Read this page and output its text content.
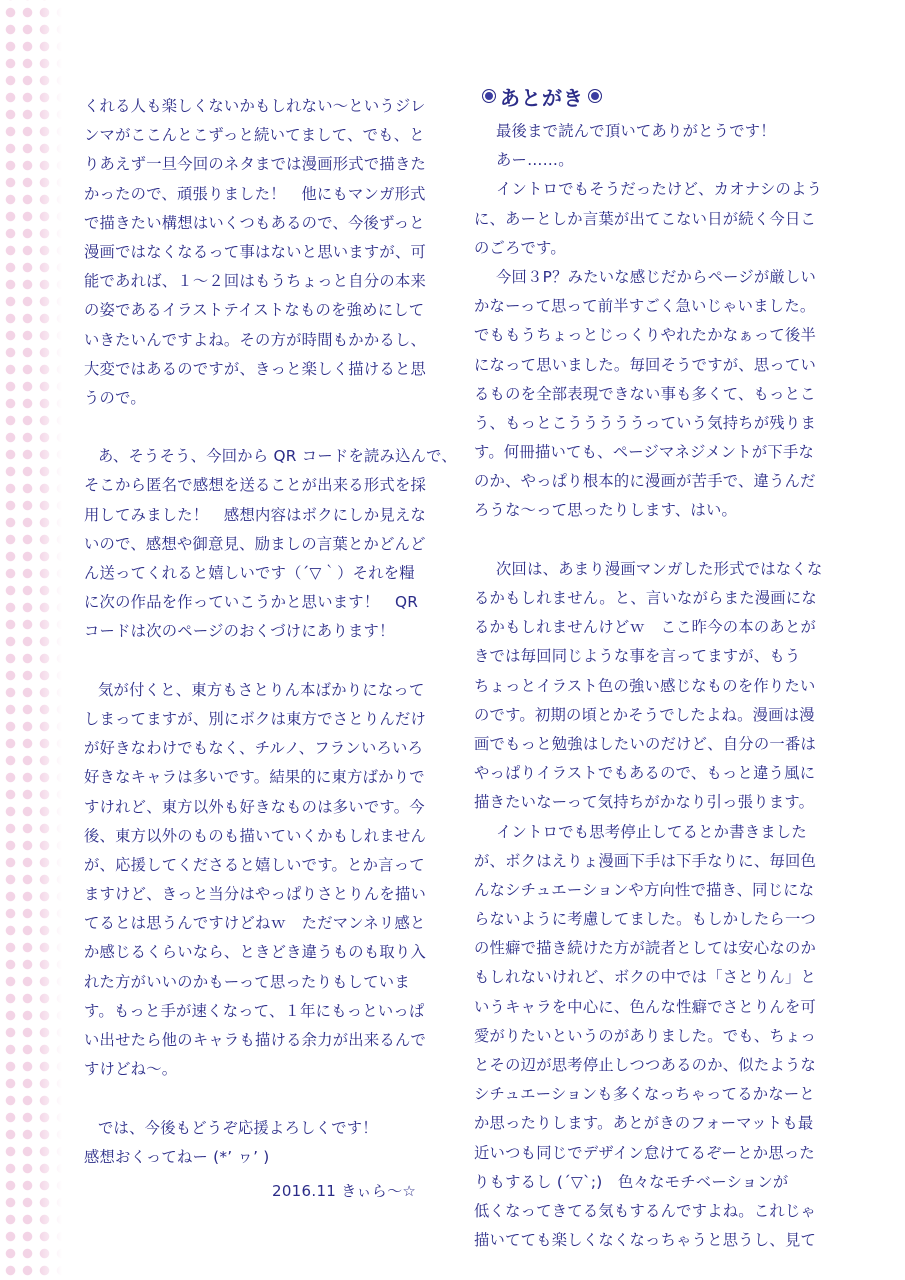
あとがき
くれる人も楽しくないかもしれない〜というジレ
ンマがここんとこずっと続いてまして、でも、と
りあえず一旦今回のネタまでは漫画形式で描きた
かったので、頑張りました！　他にもマンガ形式
で描きたい構想はいくつもあるので、今後ずっと
漫画ではなくなるって事はないと思いますが、可
能であれば、１〜２回はもうちょっと自分の本来
の姿であるイラストテイストなものを強めにして
いきたいんですよね。その方が時間もかかるし、
大変ではあるのですが、きっと楽しく描けると思
うので。
あ、そうそう、今回から QR コードを読み込んで、
そこから匿名で感想を送ることが出来る形式を採
用してみました！　感想内容はボクにしか見えな
いので、感想や御意見、励ましの言葉とかどんど
ん送ってくれると嬉しいです（´▽｀）それを糧
に次の作品を作っていこうかと思います！　QR
コードは次のページのおくづけにあります！
気が付くと、東方もさとりん本ばかりになって
しまってますが、別にボクは東方でさとりんだけ
が好きなわけでもなく、チルノ、フランいろいろ
好きなキャラは多いです。結果的に東方ばかりで
すけれど、東方以外も好きなものは多いです。今
後、東方以外のものも描いていくかもしれません
が、応援してくださると嬉しいです。とか言って
ますけど、きっと当分はやっぱりさとりんを描い
てるとは思うんですけどねｗ　ただマンネリ感と
か感じるくらいなら、ときどき違うものも取り入
れた方がいいのかもーって思ったりもしていま
す。もっと手が速くなって、１年にもっといっぱ
い出せたら他のキャラも描ける余力が出来るんで
すけどね〜。
では、今後もどうぞ応援よろしくです！
感想おくってねー (*’ ヮ’ )
最後まで読んで頂いてありがとうです！
あー……。
イントロでもそうだったけど、カオナシのよう
に、あーとしか言葉が出てこない日が続く今日こ
のごろです。
今回３P？みたいな感じだからページが厳しい
かなーって思って前半すごく急いじゃいました。
でももうちょっとじっくりやれたかなぁって後半
になって思いました。毎回そうですが、思ってい
るものを全部表現できない事も多くて、もっとこ
う、もっとこうううううっていう気持ちが残りま
す。何冊描いても、ページマネジメントが下手な
のか、やっぱり根本的に漫画が苦手で、違うんだ
ろうな〜って思ったりします、はい。
次回は、あまり漫画マンガした形式ではなくな
るかもしれません。と、言いながらまた漫画にな
るかもしれませんけどｗ　ここ昨今の本のあとが
きでは毎回同じような事を言ってますが、もう
ちょっとイラスト色の強い感じなものを作りたい
のです。初期の頃とかそうでしたよね。漫画は漫
画でもっと勉強はしたいのだけど、自分の一番は
やっぱりイラストでもあるので、もっと違う風に
描きたいなーって気持ちがかなり引っ張ります。
イントロでも思考停止してるとか書きました
が、ボクはえりょ漫画下手は下手なりに、毎回色
んなシチュエーションや方向性で描き、同じにな
らないように考慮してました。もしかしたら一つ
の性癖で描き続けた方が読者としては安心なのか
もしれないけれど、ボクの中では「さとりん」と
いうキャラを中心に、色んな性癖でさとりんを可
愛がりたいというのがありました。でも、ちょっ
とその辺が思考停止しつつあるのか、似たような
シチュエーションも多くなっちゃってるかなーと
か思ったりします。あとがきのフォーマットも最
近いつも同じでデザイン怠けてるぞーとか思った
りもするし (´▽`;)　色々なモチベーションが
低くなってきてる気もするんですよね。これじゃ
描いてても楽しくなくなっちゃうと思うし、見て
2016.11 きぃら〜☆
